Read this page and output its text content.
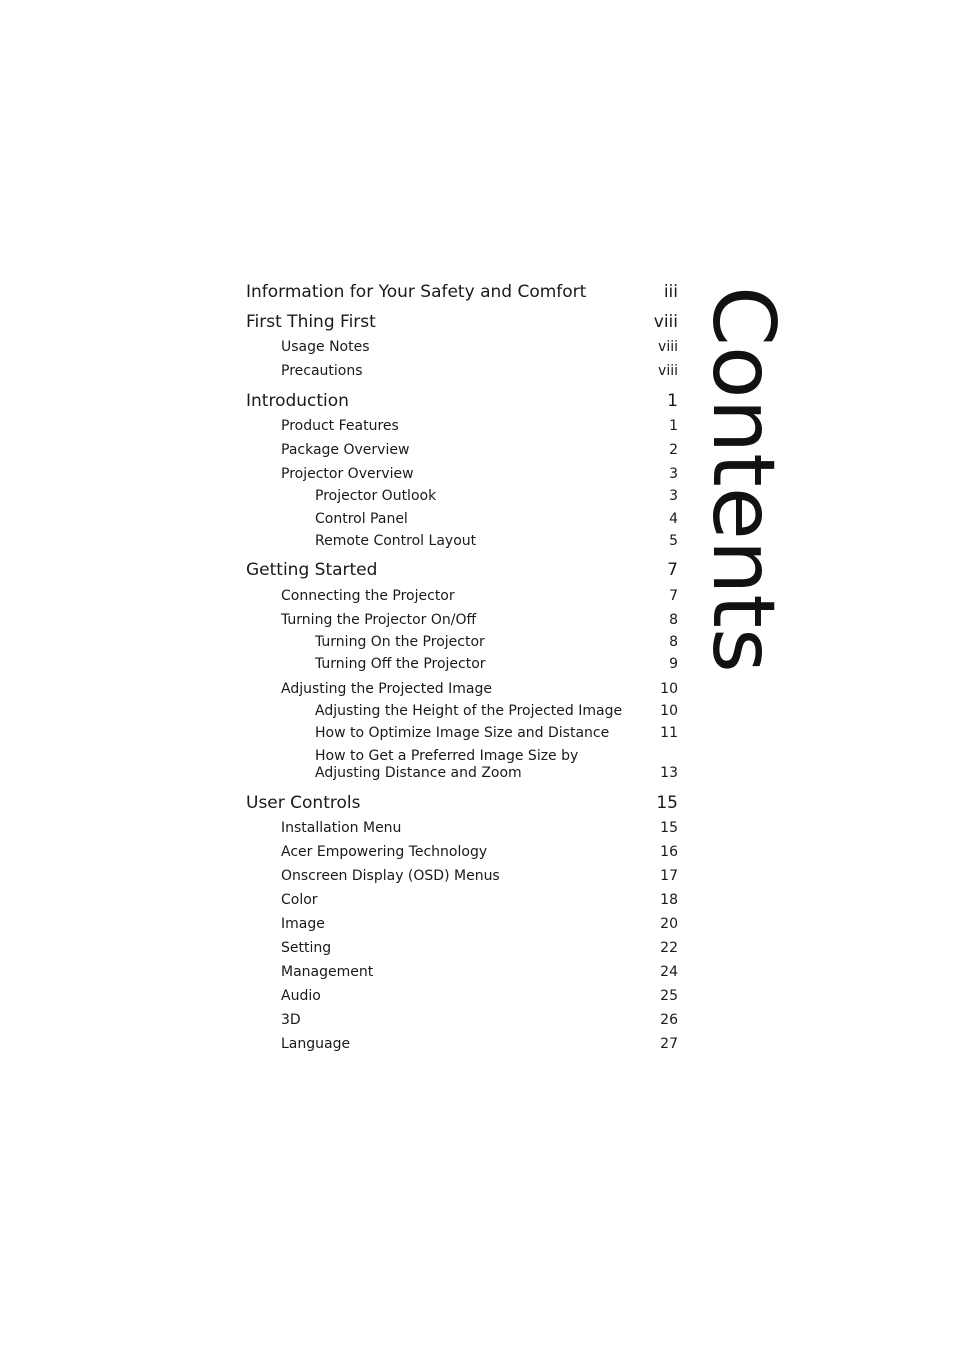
Information for Your Safety and Comfort	iii
First Thing First	viii
Usage Notes	viii
Precautions	viii
Introduction	1
Product Features	1
Package Overview	2
Projector Overview	3
Projector Outlook	3
Control Panel	4
Remote Control Layout	5
Getting Started	7
Connecting the Projector	7
Turning the Projector On/Off	8
Turning On the Projector	8
Turning Off the Projector	9
Adjusting the Projected Image	10
Adjusting the Height of the Projected Image	10
How to Optimize Image Size and Distance	11
How to Get a Preferred Image Size by
Adjusting Distance and Zoom	13
User Controls	15
Installation Menu	15
Acer Empowering Technology	16
Onscreen Display (OSD) Menus	17
Color	18
Image	20
Setting	22
Management	24
Audio	25
3D	26
Language	27
Contents
